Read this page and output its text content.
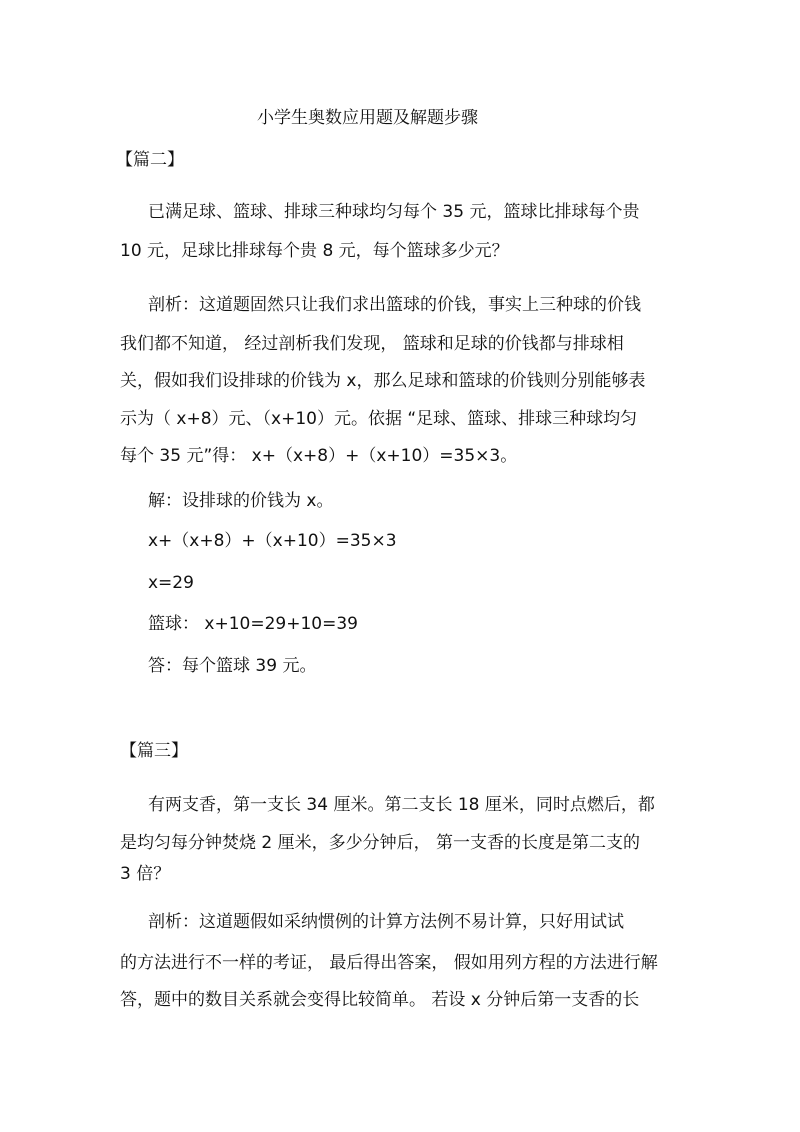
小学生奥数应用题及解题步骤

【篇二】

已满足球、篮球、排球三种球均匀每个 35 元，篮球比排球每个贵

10 元，足球比排球每个贵 8 元，每个篮球多少元？

剖析：这道题固然只让我们求出篮球的价钱，事实上三种球的价钱

我们都不知道， 经过剖析我们发现， 篮球和足球的价钱都与排球相

关，假如我们设排球的价钱为 x，那么足球和篮球的价钱则分别能够表

示为（ x+8）元、（x+10）元。依据 “足球、篮球、排球三种球均匀

每个 35 元”得： x+（x+8）+（x+10）=35×3。

解：设排球的价钱为 x。

x+（x+8）+（x+10）=35×3

x=29

篮球： x+10=29+10=39

答：每个篮球 39 元。

【篇三】

有两支香，第一支长 34 厘米。第二支长 18 厘米，同时点燃后，都

是均匀每分钟焚烧 2 厘米，多少分钟后， 第一支香的长度是第二支的

3 倍？

剖析：这道题假如采纳惯例的计算方法例不易计算，只好用试试

的方法进行不一样的考证， 最后得出答案， 假如用列方程的方法进行解

答，题中的数目关系就会变得比较简单。 若设 x 分钟后第一支香的长
